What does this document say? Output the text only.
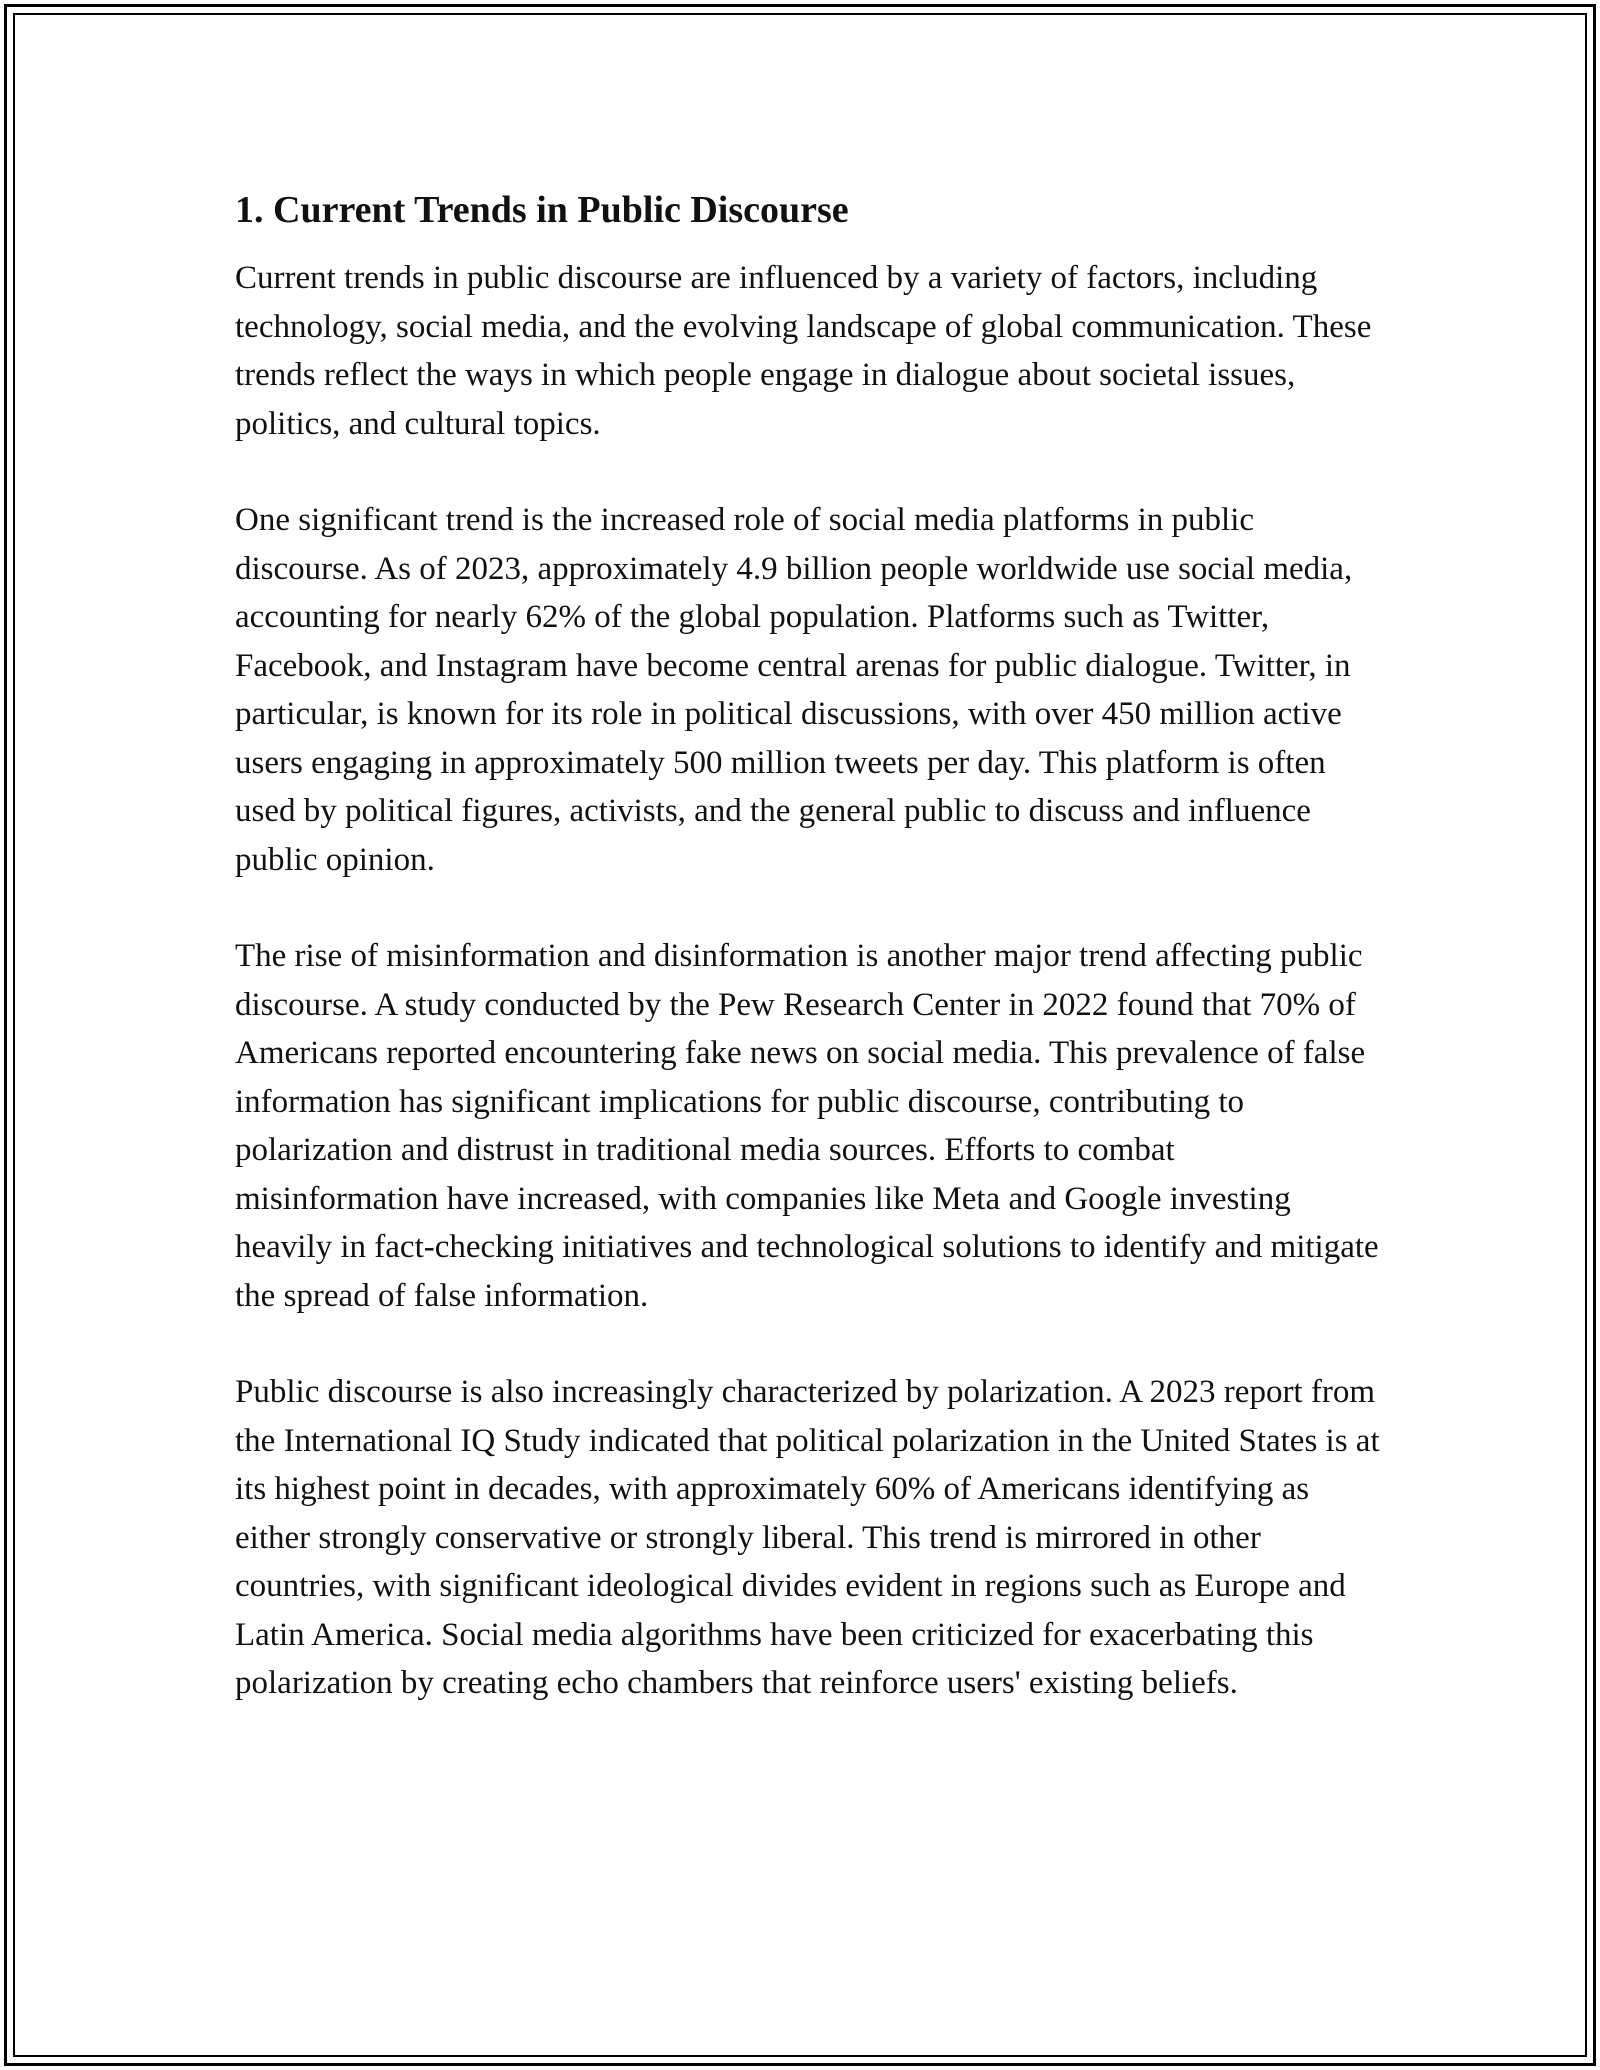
1. Current Trends in Public Discourse

Current trends in public discourse are influenced by a variety of factors, including technology, social media, and the evolving landscape of global communication. These trends reflect the ways in which people engage in dialogue about societal issues, politics, and cultural topics.

One significant trend is the increased role of social media platforms in public discourse. As of 2023, approximately 4.9 billion people worldwide use social media, accounting for nearly 62% of the global population. Platforms such as Twitter, Facebook, and Instagram have become central arenas for public dialogue. Twitter, in particular, is known for its role in political discussions, with over 450 million active users engaging in approximately 500 million tweets per day. This platform is often used by political figures, activists, and the general public to discuss and influence public opinion.

The rise of misinformation and disinformation is another major trend affecting public discourse. A study conducted by the Pew Research Center in 2022 found that 70% of Americans reported encountering fake news on social media. This prevalence of false information has significant implications for public discourse, contributing to polarization and distrust in traditional media sources. Efforts to combat misinformation have increased, with companies like Meta and Google investing heavily in fact-checking initiatives and technological solutions to identify and mitigate the spread of false information.

Public discourse is also increasingly characterized by polarization. A 2023 report from the International IQ Study indicated that political polarization in the United States is at its highest point in decades, with approximately 60% of Americans identifying as either strongly conservative or strongly liberal. This trend is mirrored in other countries, with significant ideological divides evident in regions such as Europe and Latin America. Social media algorithms have been criticized for exacerbating this polarization by creating echo chambers that reinforce users' existing beliefs.
